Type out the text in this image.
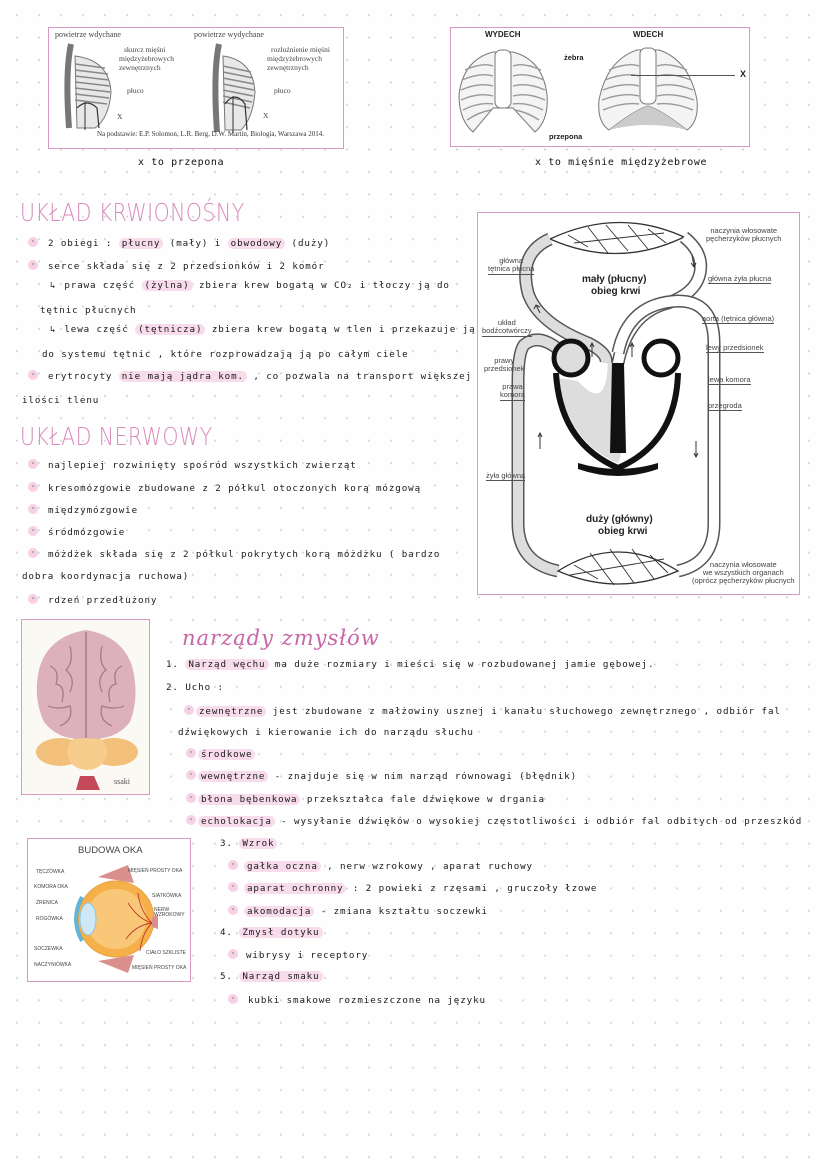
powietrze wdychane	powietrze wydychane
skurcz mięśni
międzyżebrowych
zewnętrznych
płuco
X
rozluźnienie mięśni
międzyżebrowych
zewnętrznych
płuco
X
Na podstawie: E.P. Solomon, L.R. Berg, D.W. Martin, Biologia, Warszawa 2014.
x to przepona
WYDECH	WDECH
żebra
X
przepona
x to mięśnie międzyżebrowe
UKŁAD KRWIONOŚNY
2 obiegi : płucny (mały) i obwodowy (duży)
serce składa się z 2 przedsionków i 2 komór
↳ prawa część (żylna) zbiera krew bogatą w CO₂ i tłoczy ją do
tętnic płucnych
↳ lewa część (tętnicza) zbiera krew bogatą w tlen i przekazuje ją
do systemu tętnic , które rozprowadzają ją po całym ciele
erytrocyty nie mają jądra kom. , co pozwala na transport większej
ilości tlenu
mały (płucny)
obieg krwi
duży (główny)
obieg krwi
naczynia włosowate
pęcherzyków płucnych
główna
tętnica płucna
główna żyła płucna
aorta (tętnica główna)
układ
bodźcotwórczy
lewy przedsionek
prawy
przedsionek
lewa komora
prawa
komora
przegroda
żyła główna
naczynia włosowate
we wszystkich organach
(oprócz pęcherzyków płucnych
UKŁAD NERWOWY
najlepiej rozwinięty spośród wszystkich zwierząt
kresomózgowie zbudowane z 2 półkul otoczonych korą mózgową
międzymózgowie
śródmózgowie
móżdżek składa się z 2 półkul pokrytych korą móżdżku ( bardzo
dobra koordynacja ruchowa)
rdzeń przedłużony
ssaki
BUDOWA OKA
TĘCZÓWKA
KOMORA OKA
ŹRENICA
ROGÓWKA
SOCZEWKA
NACZYNIÓWKA
MIĘSIEŃ PROSTY OKA
SIATKÓWKA
NERW WZROKOWY
CIAŁO SZKLISTE
MIĘSIEŃ PROSTY OKA
narządy zmysłów
1. Narząd węchu ma duże rozmiary i mieści się w rozbudowanej jamie gębowej.
2. Ucho :
zewnętrzne jest zbudowane z małżowiny usznej i kanału słuchowego zewnętrznego , odbiór fal
dźwiękowych i kierowanie ich do narządu słuchu
środkowe
wewnętrzne - znajduje się w nim narząd równowagi (błędnik)
błona bębenkowa przekształca fale dźwiękowe w drgania
echolokacja - wysyłanie dźwięków o wysokiej częstotliwości i odbiór fal odbitych od przeszkód
3. Wzrok
gałka oczna , nerw wzrokowy , aparat ruchowy
aparat ochronny : 2 powieki z rzęsami , gruczoły łzowe
akomodacja - zmiana kształtu soczewki
4. Zmysł dotyku
wibrysy i receptory
5. Narząd smaku
kubki smakowe rozmieszczone na języku
